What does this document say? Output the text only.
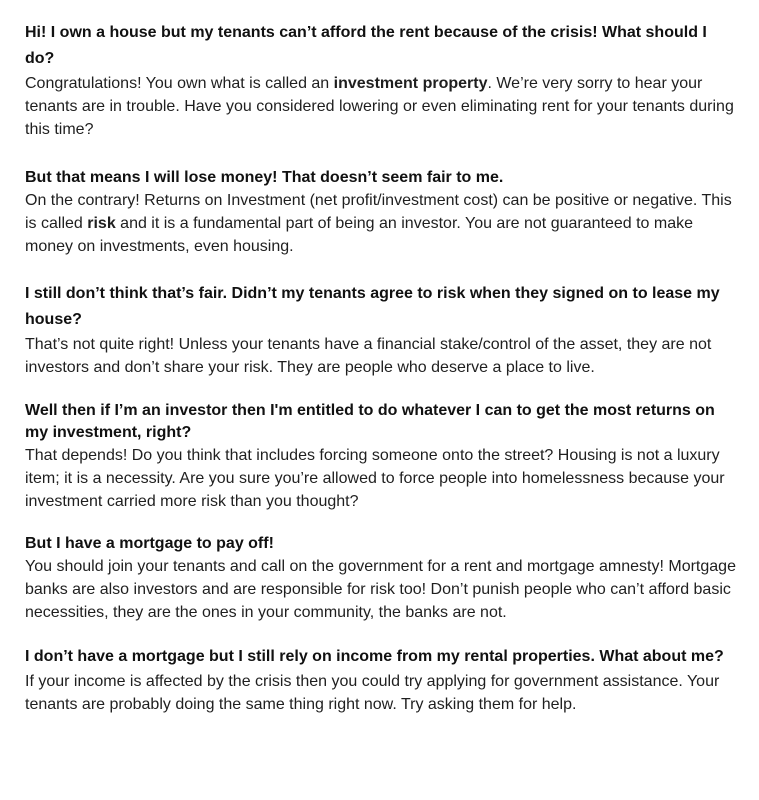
Hi! I own a house but my tenants can’t afford the rent because of the crisis! What should I do?

Congratulations! You own what is called an investment property. We’re very sorry to hear your tenants are in trouble. Have you considered lowering or even eliminating rent for your tenants during this time?

But that means I will lose money! That doesn’t seem fair to me.

On the contrary! Returns on Investment (net profit/investment cost) can be positive or negative. This is called risk and it is a fundamental part of being an investor. You are not guaranteed to make money on investments, even housing.

I still don’t think that’s fair. Didn’t my tenants agree to risk when they signed on to lease my house?

That’s not quite right! Unless your tenants have a financial stake/control of the asset, they are not investors and don’t share your risk. They are people who deserve a place to live.

Well then if I’m an investor then I'm entitled to do whatever I can to get the most returns on my investment, right?

That depends! Do you think that includes forcing someone onto the street? Housing is not a luxury item; it is a necessity. Are you sure you’re allowed to force people into homelessness because your investment carried more risk than you thought?

But I have a mortgage to pay off!

You should join your tenants and call on the government for a rent and mortgage amnesty! Mortgage banks are also investors and are responsible for risk too! Don’t punish people who can’t afford basic necessities, they are the ones in your community, the banks are not.

I don’t have a mortgage but I still rely on income from my rental properties. What about me?

If your income is affected by the crisis then you could try applying for government assistance. Your tenants are probably doing the same thing right now. Try asking them for help.
